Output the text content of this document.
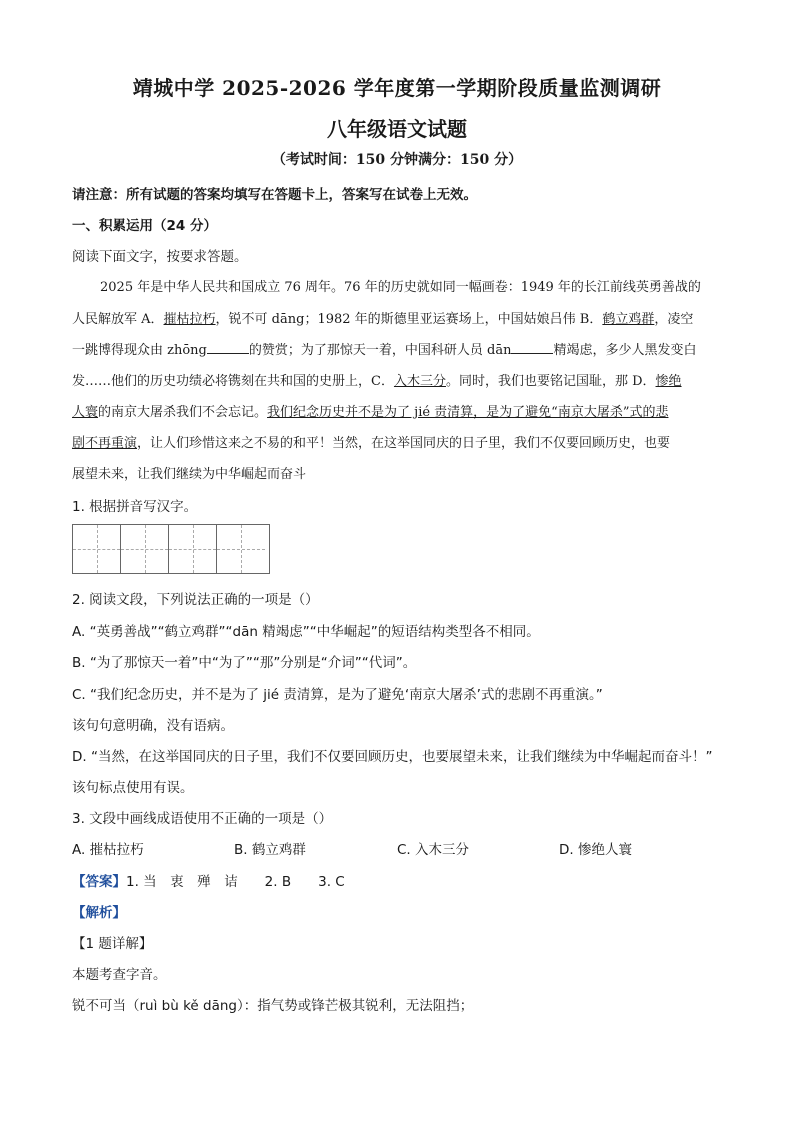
靖城中学 2025-2026 学年度第一学期阶段质量监测调研
八年级语文试题
（考试时间：150 分钟满分：150 分）
请注意：所有试题的答案均填写在答题卡上，答案写在试卷上无效。
一、积累运用（24 分）
阅读下面文字，按要求答题。
2025 年是中华人民共和国成立 76 周年。76 年的历史就如同一幅画卷：1949 年的长江前线英勇善战的
人民解放军 A．摧枯拉朽，锐不可 dāng；1982 年的斯德里亚运赛场上，中国姑娘吕伟 B．鹤立鸡群，凌空
一跳博得现众由 zhōng	的赞赏；为了那惊天一着，中国科研人员 dān	精竭虑，多少人黑发变白
发……他们的历史功绩必将镌刻在共和国的史册上，C．入木三分。同时，我们也要铭记国耻，那 D．惨绝
人寰的南京大屠杀我们不会忘记。我们纪念历史并不是为了 jié 责清算，是为了避免“南京大屠杀”式的悲
剧不再重演，让人们珍惜这来之不易的和平！当然，在这举国同庆的日子里，我们不仅要回顾历史，也要
展望未来，让我们继续为中华崛起而奋斗
1. 根据拼音写汉字。
2. 阅读文段，下列说法正确的一项是（）
A. “英勇善战”“鹤立鸡群”“dān 精竭虑”“中华崛起”的短语结构类型各不相同。
B. “为了那惊天一着”中“为了”“那”分别是“介词”“代词”。
C. “我们纪念历史，并不是为了 jié 责清算，是为了避免‘南京大屠杀’式的悲剧不再重演。”
该句句意明确，没有语病。
D. “当然，在这举国同庆的日子里，我们不仅要回顾历史，也要展望未来，让我们继续为中华崛起而奋斗！”
该句标点使用有误。
3. 文段中画线成语使用不正确的一项是（）
A. 摧枯拉朽	B. 鹤立鸡群	C. 入木三分	D. 惨绝人寰
【答案】1. 当　衷　殚　诘　　2. B　　3. C
【解析】
【1 题详解】
本题考查字音。
锐不可当（ruì bù kě dāng）：指气势或锋芒极其锐利，无法阻挡；
